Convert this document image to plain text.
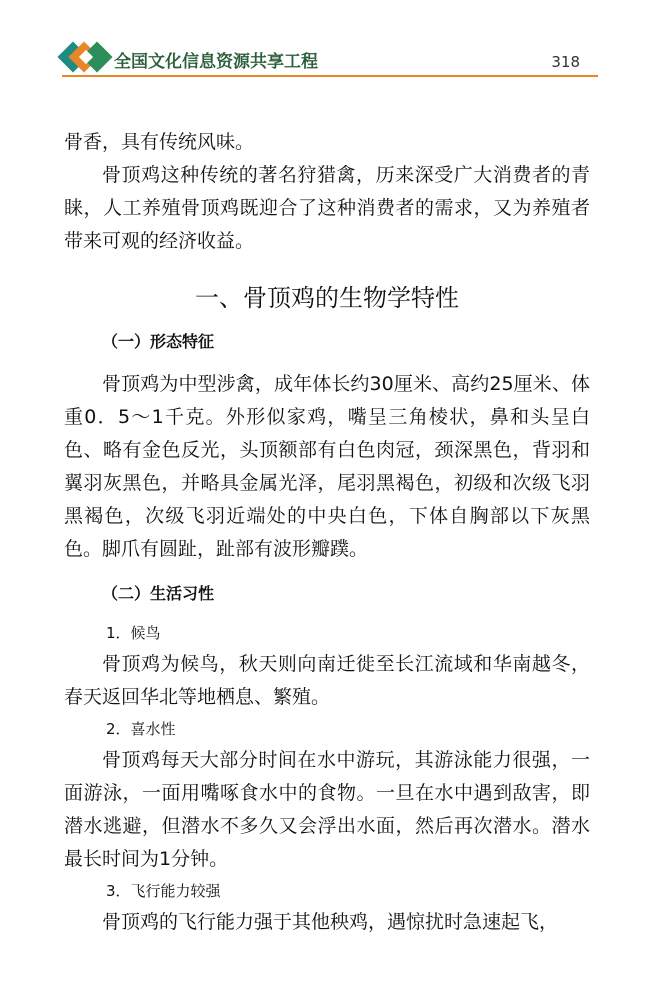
全国文化信息资源共享工程	318

骨香，具有传统风味。

骨顶鸡这种传统的著名狩猎禽，历来深受广大消费者的青睐，人工养殖骨顶鸡既迎合了这种消费者的需求，又为养殖者带来可观的经济收益。

一、骨顶鸡的生物学特性
（一）形态特征

骨顶鸡为中型涉禽，成年体长约30厘米、高约25厘米、体重0．5～1千克。外形似家鸡，嘴呈三角棱状，鼻和头呈白色、略有金色反光，头顶额部有白色肉冠，颈深黑色，背羽和翼羽灰黑色，并略具金属光泽，尾羽黑褐色，初级和次级飞羽黑褐色，次级飞羽近端处的中央白色，下体自胸部以下灰黑色。脚爪有圆趾，趾部有波形瓣蹼。

（二）生活习性
1．候鸟

骨顶鸡为候鸟，秋天则向南迁徙至长江流域和华南越冬，春天返回华北等地栖息、繁殖。

2．喜水性

骨顶鸡每天大部分时间在水中游玩，其游泳能力很强，一面游泳，一面用嘴啄食水中的食物。一旦在水中遇到敌害，即潜水逃避，但潜水不多久又会浮出水面，然后再次潜水。潜水最长时间为1分钟。

3．飞行能力较强

骨顶鸡的飞行能力强于其他秧鸡，遇惊扰时急速起飞，
